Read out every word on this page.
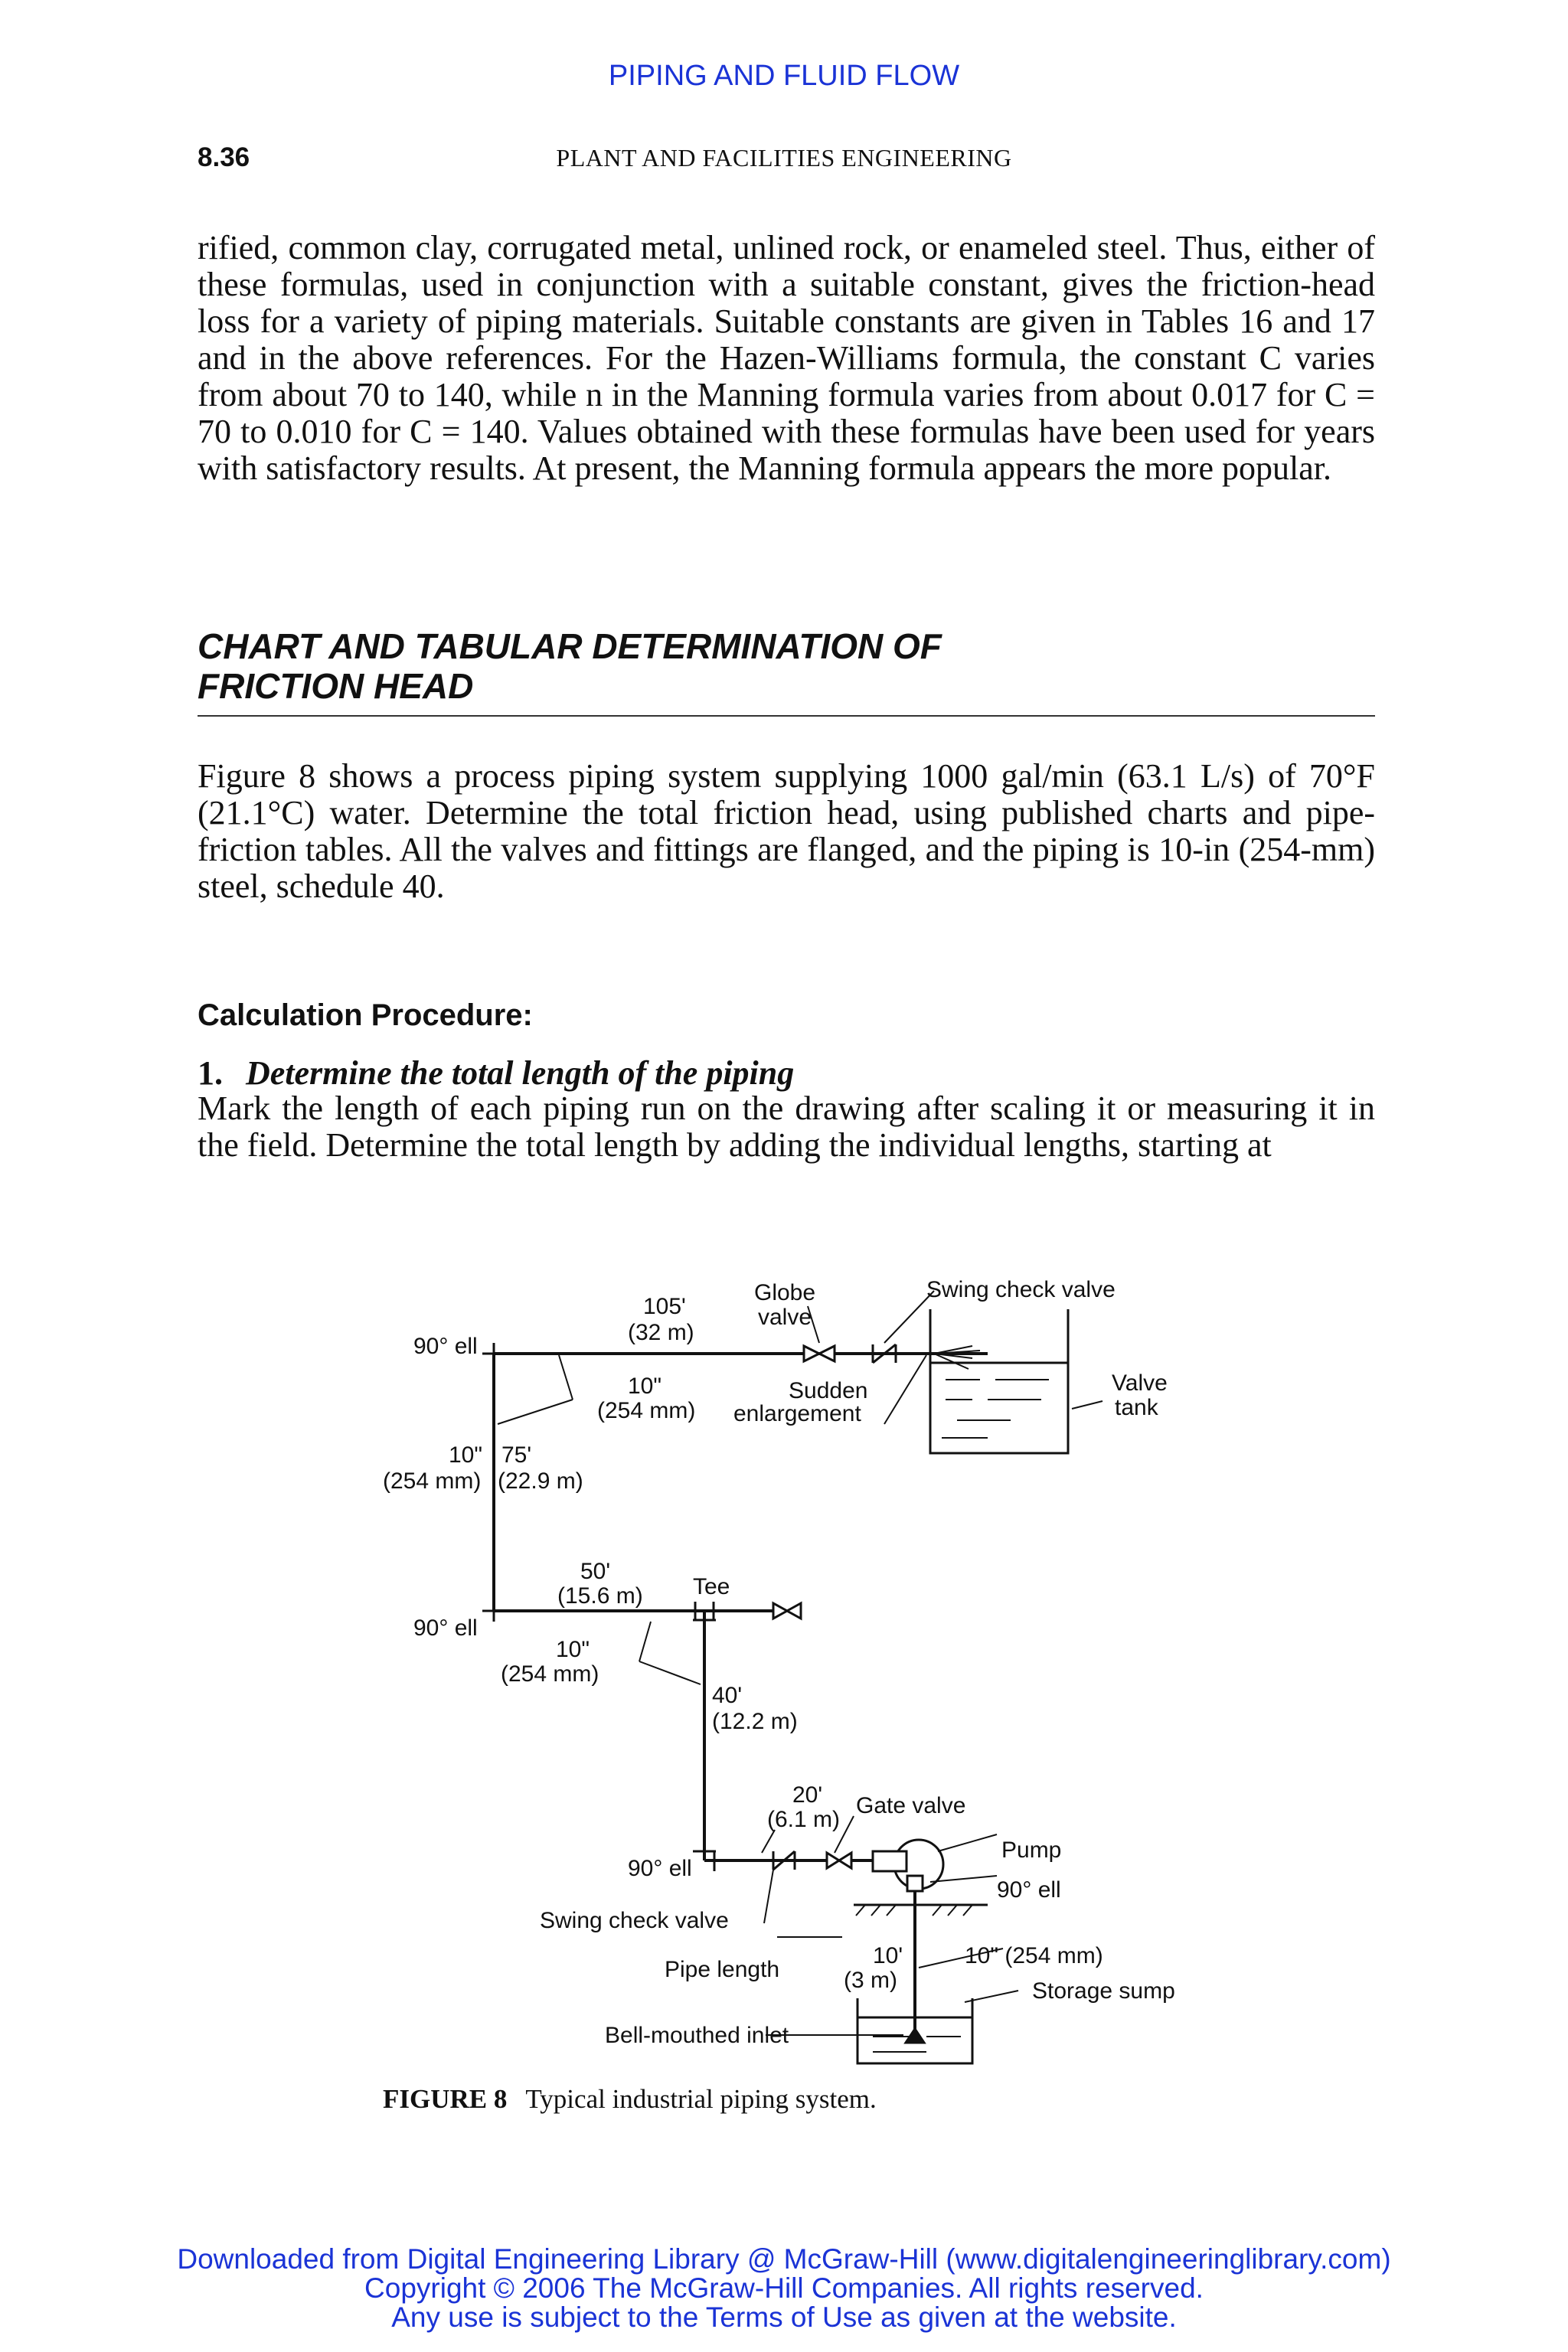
PIPING AND FLUID FLOW
8.36	PLANT AND FACILITIES ENGINEERING

rified, common clay, corrugated metal, unlined rock, or enameled steel. Thus, either of these formulas, used in conjunction with a suitable constant, gives the friction-head loss for a variety of piping materials. Suitable constants are given in Tables 16 and 17 and in the above references. For the Hazen-Williams formula, the constant C varies from about 70 to 140, while n in the Manning formula varies from about 0.017 for C = 70 to 0.010 for C = 140. Values obtained with these formulas have been used for years with satisfactory results. At present, the Manning formula appears the more popular.

CHART AND TABULAR DETERMINATION OF
FRICTION HEAD

Figure 8 shows a process piping system supplying 1000 gal/min (63.1 L/s) of 70°F (21.1°C) water. Determine the total friction head, using published charts and pipe-friction tables. All the valves and fittings are flanged, and the piping is 10-in (254-mm) steel, schedule 40.

Calculation Procedure:
1. Determine the total length of the piping

Mark the length of each piping run on the drawing after scaling it or measuring it in the field. Determine the total length by adding the individual lengths, starting at

Globe
valve
Swing check valve
105'
(32 m)
90° ell
10"
(254 mm)
Sudden
enlargement
Valve
tank
10"
(254 mm)
75'
(22.9 m)
50'
(15.6 m) Tee
90° ell
10"
(254 mm)
40'
(12.2 m)
20'
(6.1 m)
Gate valve
Pump
90° ell
90° ell
Swing check valve
10'
(3 m)
10" (254 mm)
Pipe length
Storage sump
Bell-mouthed inlet
FIGURE 8 Typical industrial piping system.
Downloaded from Digital Engineering Library @ McGraw-Hill (www.digitalengineeringlibrary.com)
Copyright © 2006 The McGraw-Hill Companies. All rights reserved.
Any use is subject to the Terms of Use as given at the website.
